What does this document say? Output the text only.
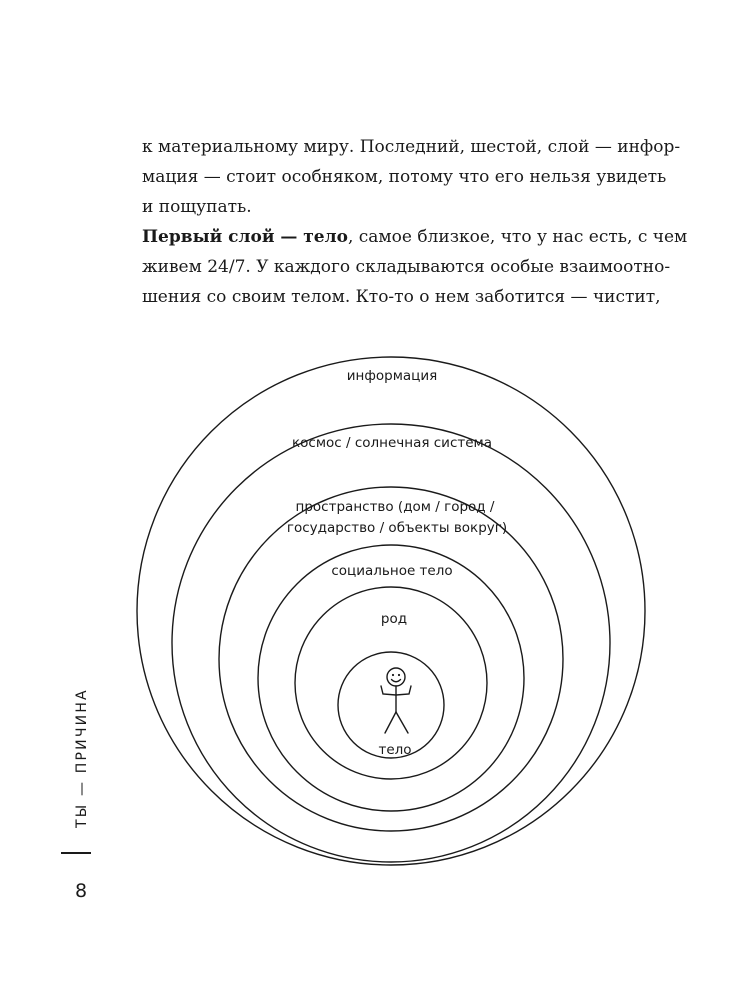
к материальному миру. Последний, шестой, слой — инфор-
мация — стоит особняком, потому что его нельзя увидеть
и пощупать.
Первый слой — тело, самое близкое, что у нас есть, с чем
живем 24/7. У каждого складываются особые взаимоотно-
шения со своим телом. Кто-то о нем заботится — чистит,
информация
космос / солнечная система
пространство (дом / город /
государство / объекты вокруг)
социальное тело
род
тело
ТЫ — ПРИЧИНА
8
